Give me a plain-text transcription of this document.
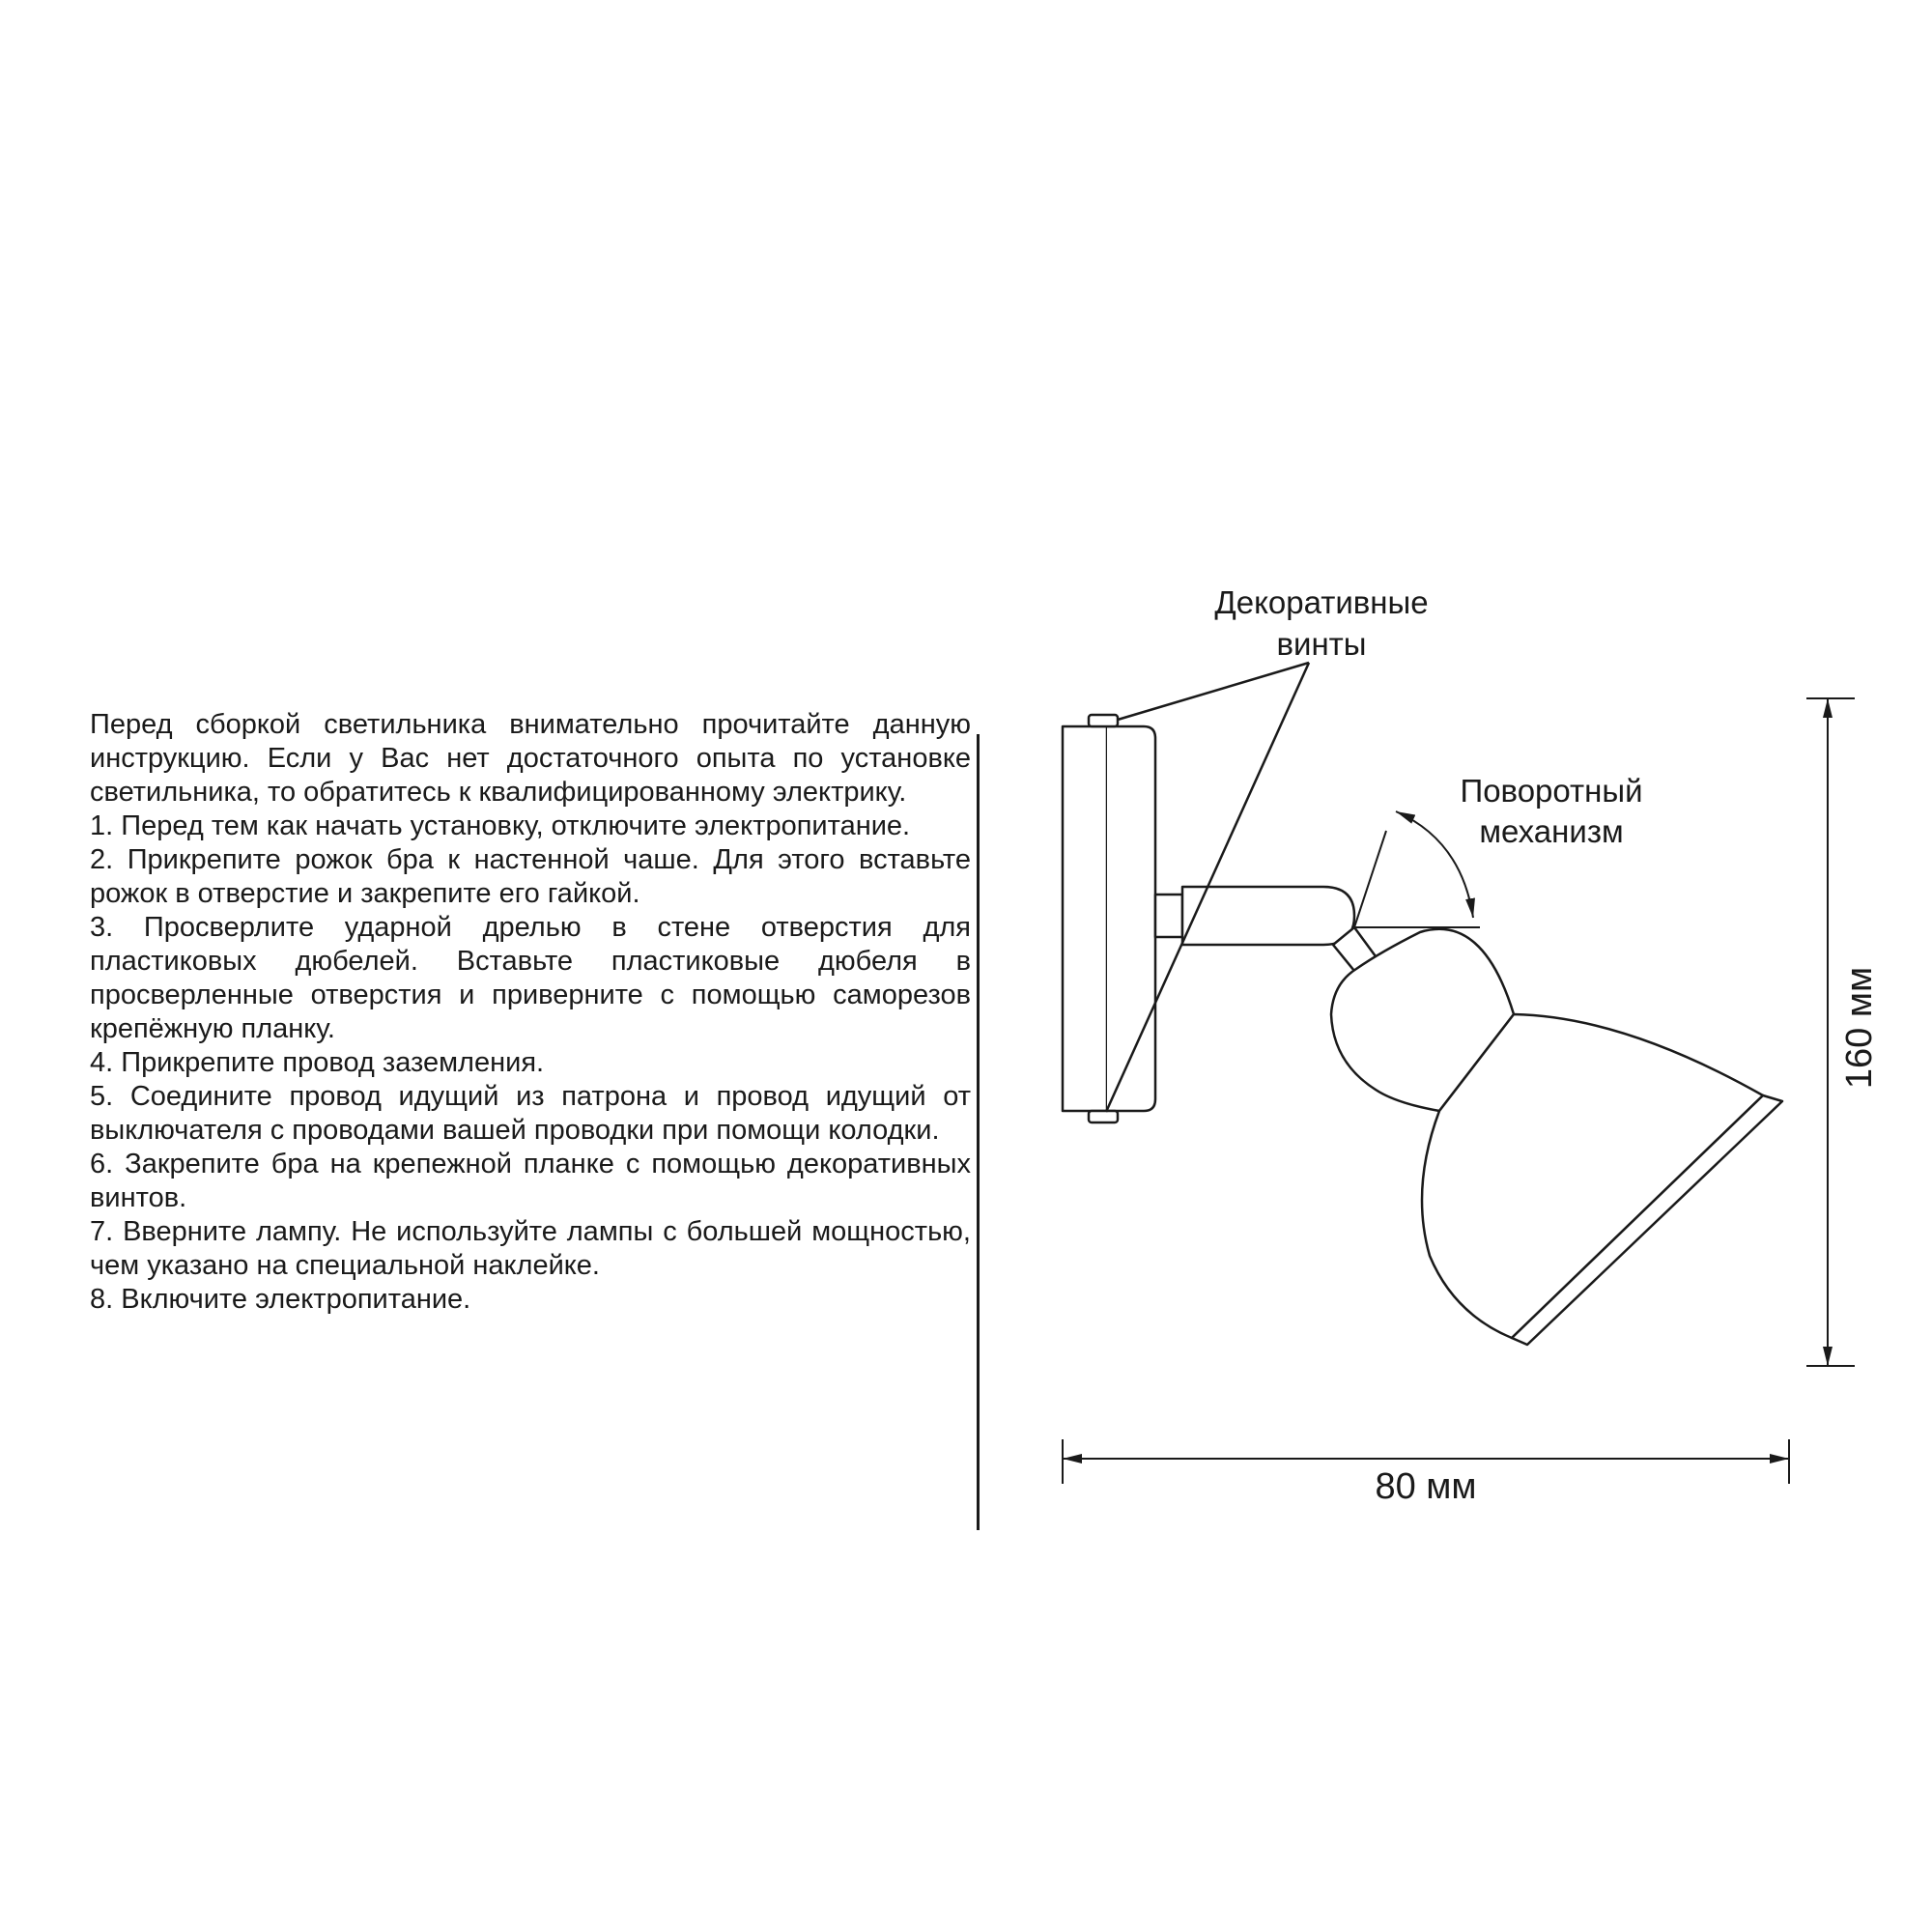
Перед сборкой светильника внимательно прочитайте данную инструкцию. Если у Вас нет достаточного опыта по установке светильника, то обратитесь к квалифицированному электрику.

1. Перед тем как начать установку, отключите электропитание.

2. Прикрепите рожок бра к настенной чаше. Для этого вставьте рожок в отверстие и закрепите его гайкой.

3. Просверлите ударной дрелью в стене отверстия для пластиковых дюбелей. Вставьте пластиковые дюбеля в просверленные отверстия и приверните с помощью саморезов крепёжную планку.

4. Прикрепите провод заземления.

5. Соедините провод идущий из патрона и провод идущий от выключателя с проводами вашей проводки при помощи колодки.

6. Закрепите бра на крепежной планке с помощью декоративных винтов.

7. Вверните лампу. Не используйте лампы с большей мощностью, чем указано на специальной наклейке.

8. Включите электропитание.

Декоративные
винты
Поворотный
механизм
80 мм
160 мм
